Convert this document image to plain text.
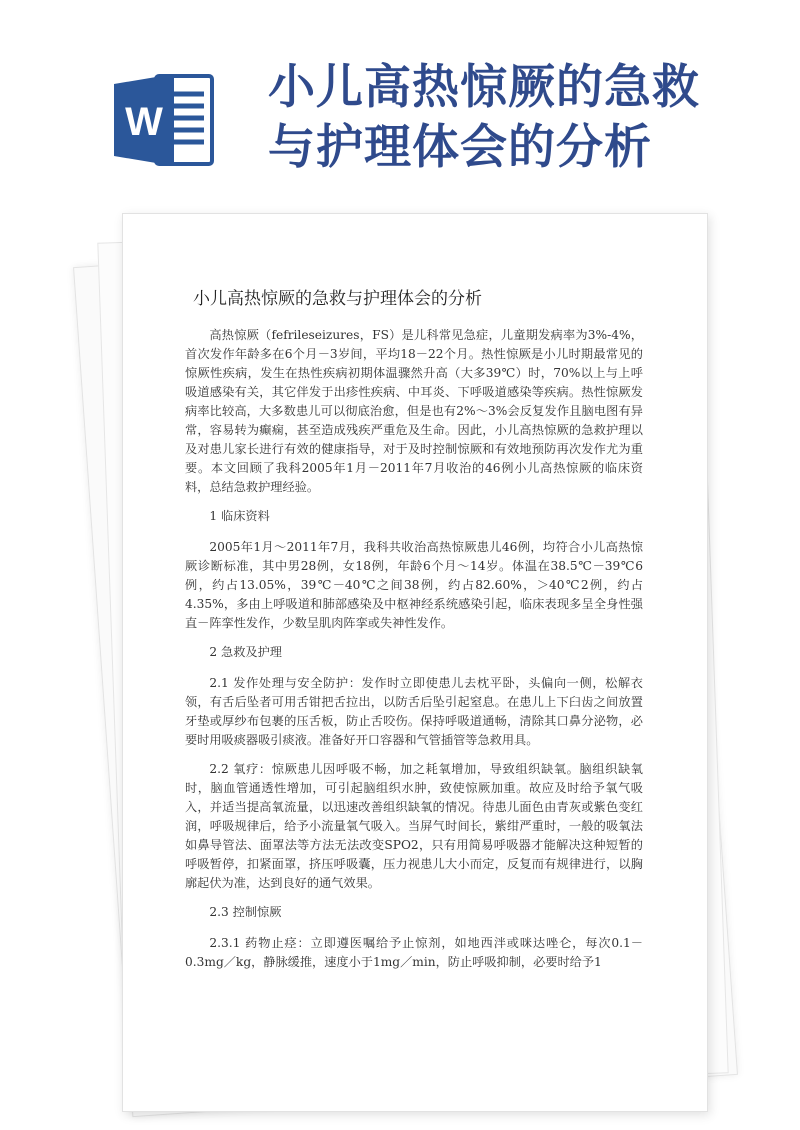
W
小儿高热惊厥的急救与护理体会的分析
小儿高热惊厥的急救与护理体会的分析

高热惊厥（fefrileseizures，FS）是儿科常见急症，儿童期发病率为3%-4%，首次发作年龄多在6个月－3岁间，平均18－22个月。热性惊厥是小儿时期最常见的惊厥性疾病，发生在热性疾病初期体温骤然升高（大多39℃）时，70%以上与上呼吸道感染有关，其它伴发于出疹性疾病、中耳炎、下呼吸道感染等疾病。热性惊厥发病率比较高，大多数患儿可以彻底治愈，但是也有2%～3%会反复发作且脑电图有异常，容易转为癫痫，甚至造成残疾严重危及生命。因此，小儿高热惊厥的急救护理以及对患儿家长进行有效的健康指导，对于及时控制惊厥和有效地预防再次发作尤为重要。本文回顾了我科2005年1月－2011年7月收治的46例小儿高热惊厥的临床资料，总结急救护理经验。

1 临床资料

2005年1月～2011年7月，我科共收治高热惊厥患儿46例，均符合小儿高热惊厥诊断标准，其中男28例，女18例，年龄6个月～14岁。体温在38.5℃－39℃6例，约占13.05%，39℃－40℃之间38例，约占82.60%，＞40℃2例，约占4.35%，多由上呼吸道和肺部感染及中枢神经系统感染引起，临床表现多呈全身性强直－阵挛性发作，少数呈肌肉阵挛或失神性发作。

2 急救及护理

2.1 发作处理与安全防护：发作时立即使患儿去枕平卧，头偏向一侧，松解衣领，有舌后坠者可用舌钳把舌拉出，以防舌后坠引起窒息。在患儿上下臼齿之间放置牙垫或厚纱布包裹的压舌板，防止舌咬伤。保持呼吸道通畅，清除其口鼻分泌物，必要时用吸痰器吸引痰液。准备好开口容器和气管插管等急救用具。

2.2 氧疗：惊厥患儿因呼吸不畅，加之耗氧增加，导致组织缺氧。脑组织缺氧时，脑血管通透性增加，可引起脑组织水肿，致使惊厥加重。故应及时给予氧气吸入，并适当提高氧流量，以迅速改善组织缺氧的情况。待患儿面色由青灰或紫色变红润，呼吸规律后，给予小流量氧气吸入。当屏气时间长，紫绀严重时，一般的吸氧法如鼻导管法、面罩法等方法无法改变SPO2，只有用简易呼吸器才能解决这种短暂的呼吸暂停，扣紧面罩，挤压呼吸囊，压力视患儿大小而定，反复而有规律进行，以胸廓起伏为准，达到良好的通气效果。

2.3 控制惊厥

2.3.1 药物止痉：立即遵医嘱给予止惊剂，如地西泮或咪达唑仑，每次0.1－0.3mg／kg，静脉缓推，速度小于1mg／min，防止呼吸抑制，必要时给予1
